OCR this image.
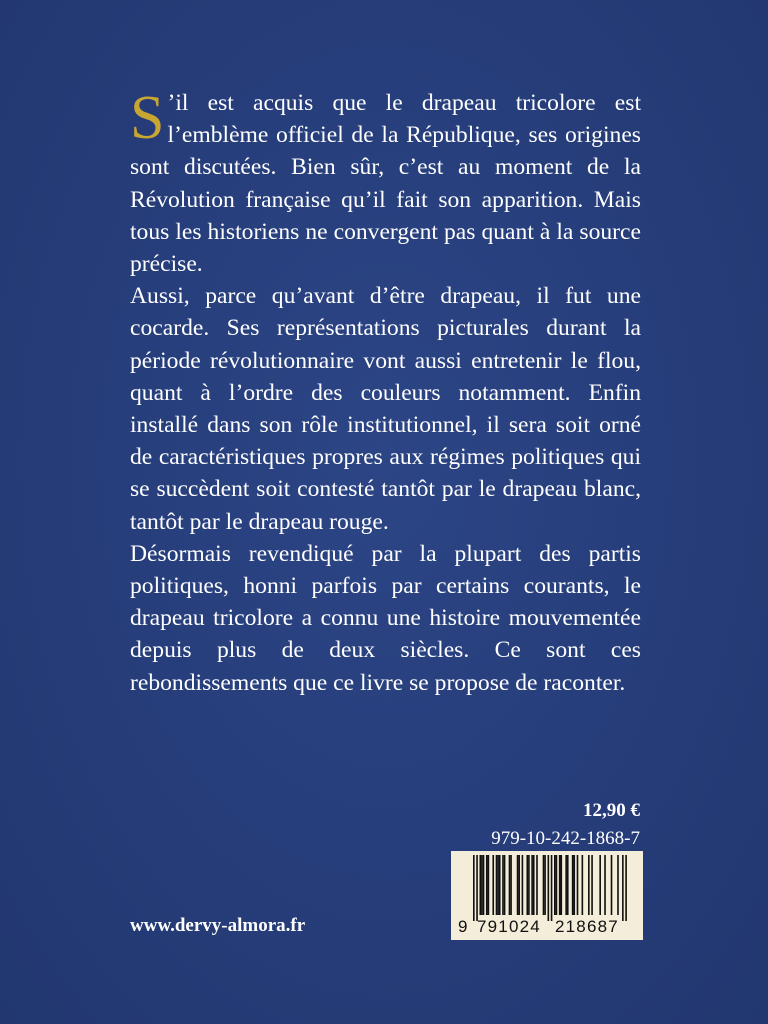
S ’il est acquis que le drapeau tricolore est l’emblème officiel de la République, ses origines sont discutées. Bien sûr, c’est au moment de la Révolution française qu’il fait son apparition. Mais tous les historiens ne convergent pas quant à la source précise.

Aussi, parce qu’avant d’être drapeau, il fut une cocarde. Ses représentations picturales durant la période révolutionnaire vont aussi entretenir le flou, quant à l’ordre des couleurs notamment. Enfin installé dans son rôle institutionnel, il sera soit orné de caractéristiques propres aux régimes politiques qui se succèdent soit contesté tantôt par le drapeau blanc, tantôt par le drapeau rouge.

Désormais revendiqué par la plupart des partis politiques, honni parfois par certains courants, le drapeau tricolore a connu une histoire mouvementée depuis plus de deux siècles. Ce sont ces rebondissements que ce livre se propose de raconter.

12,90 €
979-10-242-1868-7
9 791024 218687
www.dervy-almora.fr
